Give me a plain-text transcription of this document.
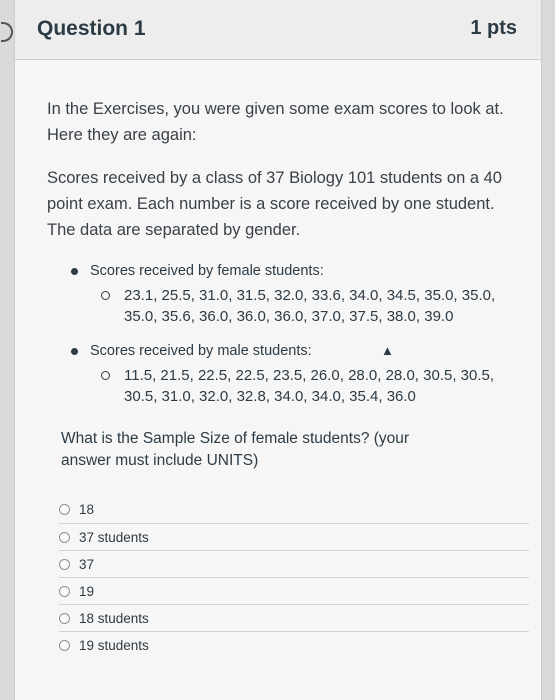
Question 1	1 pts
In the Exercises, you were given some exam scores to look at. Here they are again:
Scores received by a class of 37 Biology 101 students on a 40 point exam. Each number is a score received by one student. The data are separated by gender.
Scores received by female students:
23.1, 25.5, 31.0, 31.5, 32.0, 33.6, 34.0, 34.5, 35.0, 35.0, 35.0, 35.6, 36.0, 36.0, 36.0, 37.0, 37.5, 38.0, 39.0
Scores received by male students:
11.5, 21.5, 22.5, 22.5, 23.5, 26.0, 28.0, 28.0, 30.5, 30.5, 30.5, 31.0, 32.0, 32.8, 34.0, 34.0, 35.4, 36.0
▲
What is the Sample Size of female students? (your answer must include UNITS)
18
37 students
37
19
18 students
19 students
